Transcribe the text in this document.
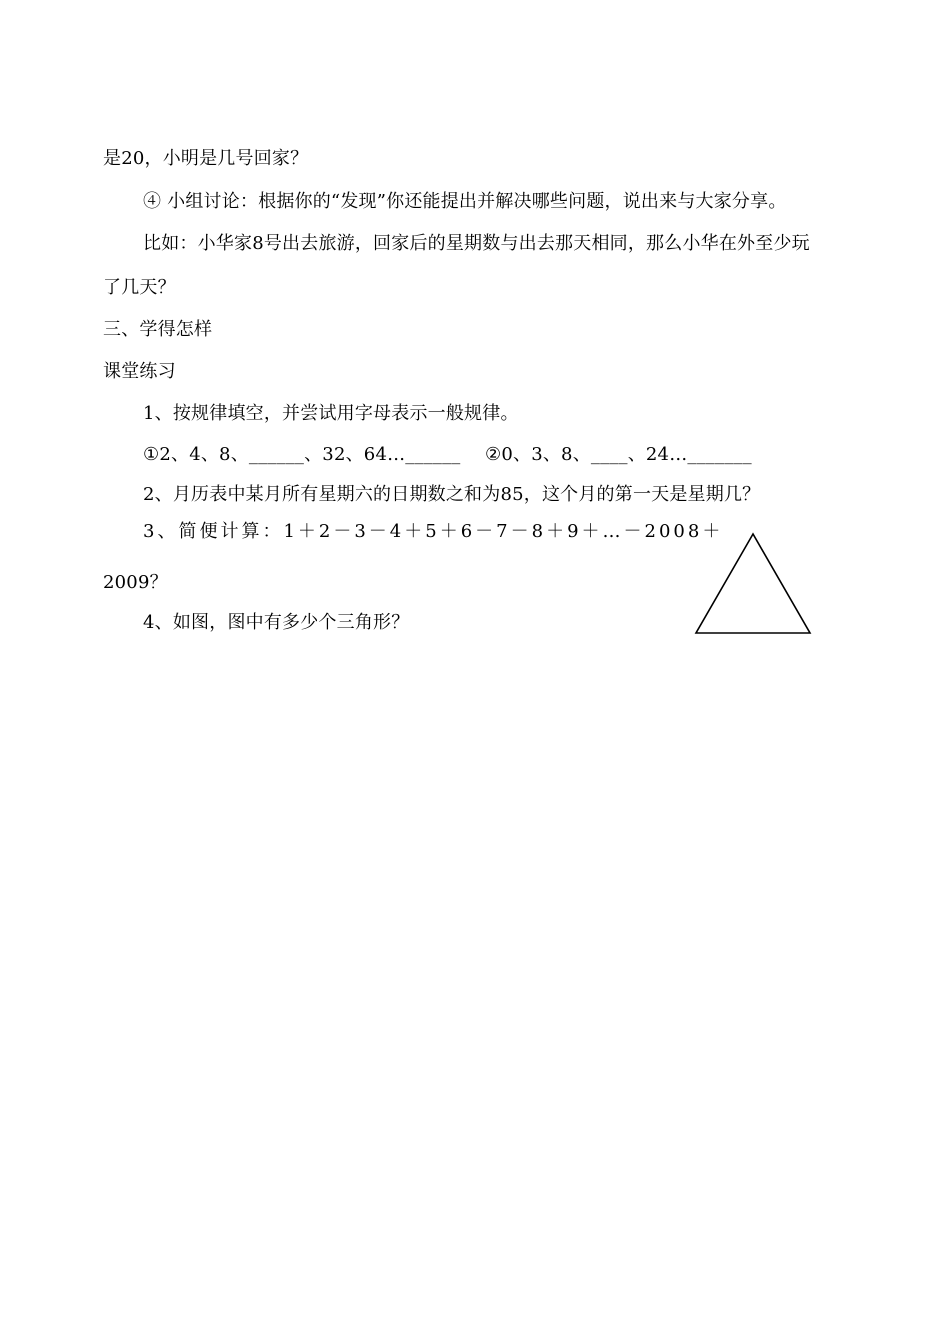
是20，小明是几号回家？
④ 小组讨论：根据你的“发现”你还能提出并解决哪些问题，说出来与大家分享。
比如：小华家8号出去旅游，回家后的星期数与出去那天相同，那么小华在外至少玩
了几天？
三、学得怎样
课堂练习
1、按规律填空，并尝试用字母表示一般规律。
①2、4、8、______、32、64…______ ②0、3、8、____、24…_______
2、月历表中某月所有星期六的日期数之和为85，这个月的第一天是星期几？
3、简便计算：1＋2－3－4＋5＋6－7－8＋9＋…－2008＋
2009？
4、如图，图中有多少个三角形？
